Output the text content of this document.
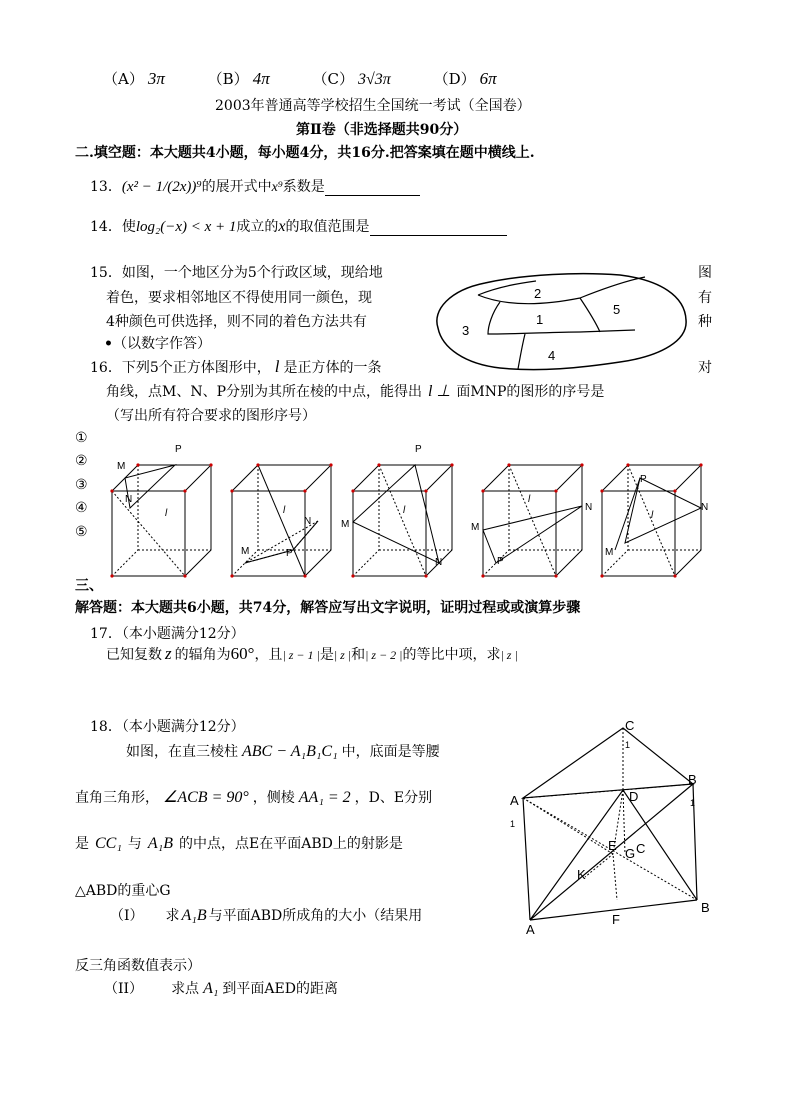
（A） 3π	（B） 4π	（C） 3√3π	（D） 6π
2003年普通高等学校招生全国统一考试（全国卷）
第Ⅱ卷（非选择题共90分）
二.填空题：本大题共4小题，每小题4分，共16分.把答案填在题中横线上.
13．(x² − 1/(2x))⁹的展开式中x⁹系数是
14．使log₂(−x) < x + 1成立的x的取值范围是
15．如图，一个地区分为5个行政区域，现给地	图
着色，要求相邻地区不得使用同一颜色，现	有
4种颜色可供选择，则不同的着色方法共有	种
•（以数字作答）
2
1
5
3
4
16．下列5个正方体图形中， l 是正方体的一条	对
角线，点M、N、P分别为其所在棱的中点，能得出 l ⊥ 面MNP的图形的序号是
（写出所有符合要求的图形序号）
①
②
③
④
⑤
M
P
N
l	l
N
M	P
P
l
M
N
l
N
M
P
P
l
N
M
三、
解答题：本大题共6小题，共74分，解答应写出文字说明，证明过程或或演算步骤
17．（本小题满分12分）
已知复数 z 的辐角为60°，且| z − 1 |是| z |和| z − 2 |的等比中项，求| z |
18．（本小题满分12分）
如图，在直三棱柱 ABC − A₁B₁C₁ 中，底面是等腰
直角三角形， ∠ACB = 90° ，侧棱 AA₁ = 2 ，D、E分别
是 CC₁ 与 A₁B 的中点，点E在平面ABD上的射影是
△ABD的重心G
（I） 求 A₁B 与平面ABD所成角的大小（结果用
反三角函数值表示）
（II） 求点 A₁ 到平面AED的距离
C
1
B
1
A
1
D
E
G C
K
A
F
B
